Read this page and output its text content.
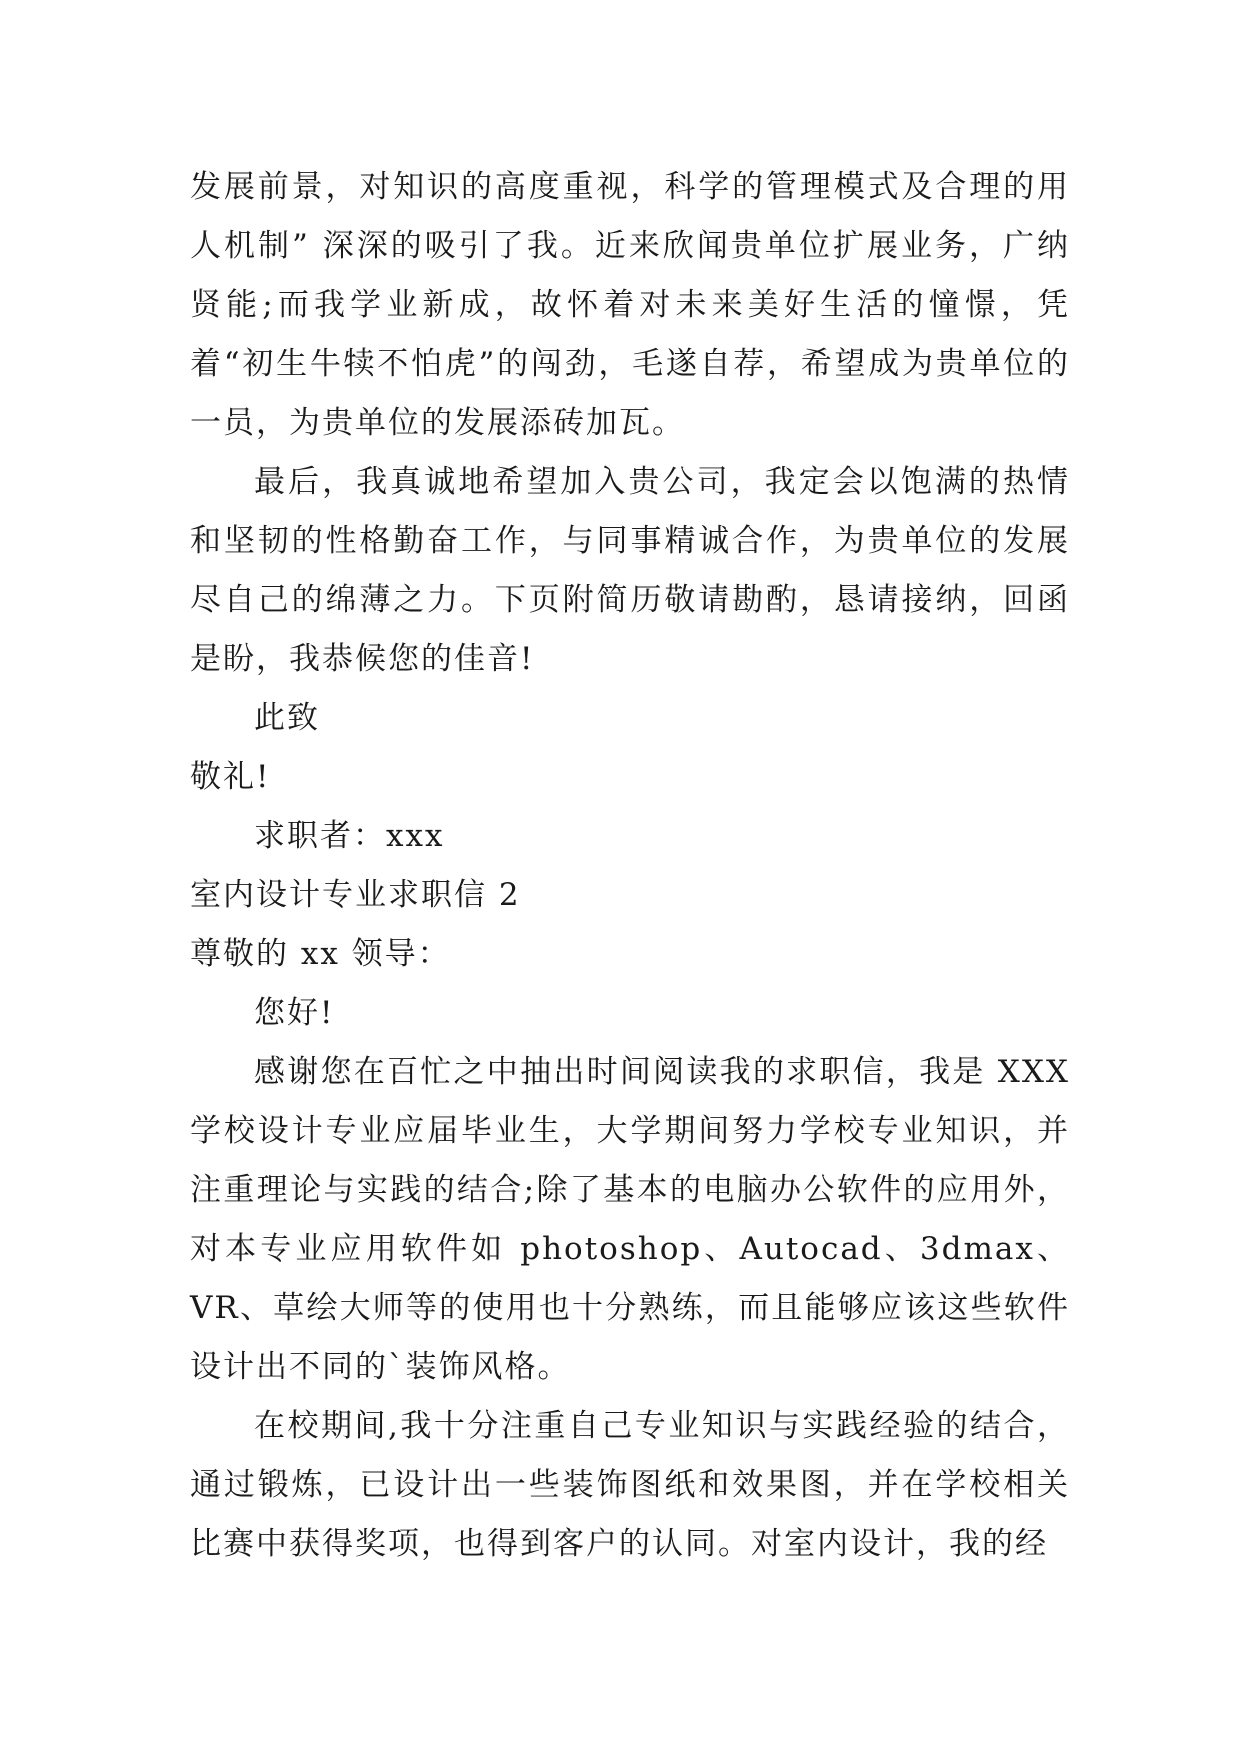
发展前景，对知识的高度重视，科学的管理模式及合理的用人机制” 深深的吸引了我。近来欣闻贵单位扩展业务，广纳贤能;而我学业新成，故怀着对未来美好生活的憧憬，凭着“初生牛犊不怕虎”的闯劲，毛遂自荐，希望成为贵单位的一员，为贵单位的发展添砖加瓦。

最后，我真诚地希望加入贵公司，我定会以饱满的热情和坚韧的性格勤奋工作，与同事精诚合作，为贵单位的发展尽自己的绵薄之力。下页附简历敬请勘酌，恳请接纳，回函是盼，我恭候您的佳音!

此致

敬礼!

求职者：xxx

室内设计专业求职信 2

尊敬的 xx 领导：

您好!

感谢您在百忙之中抽出时间阅读我的求职信，我是 XXX 学校设计专业应届毕业生，大学期间努力学校专业知识，并注重理论与实践的结合;除了基本的电脑办公软件的应用外，对本专业应用软件如 photoshop、Autocad、3dmax、VR、草绘大师等的使用也十分熟练，而且能够应该这些软件设计出不同的`装饰风格。

在校期间,我十分注重自己专业知识与实践经验的结合，通过锻炼，已设计出一些装饰图纸和效果图，并在学校相关比赛中获得奖项，也得到客户的认同。对室内设计，我的经
